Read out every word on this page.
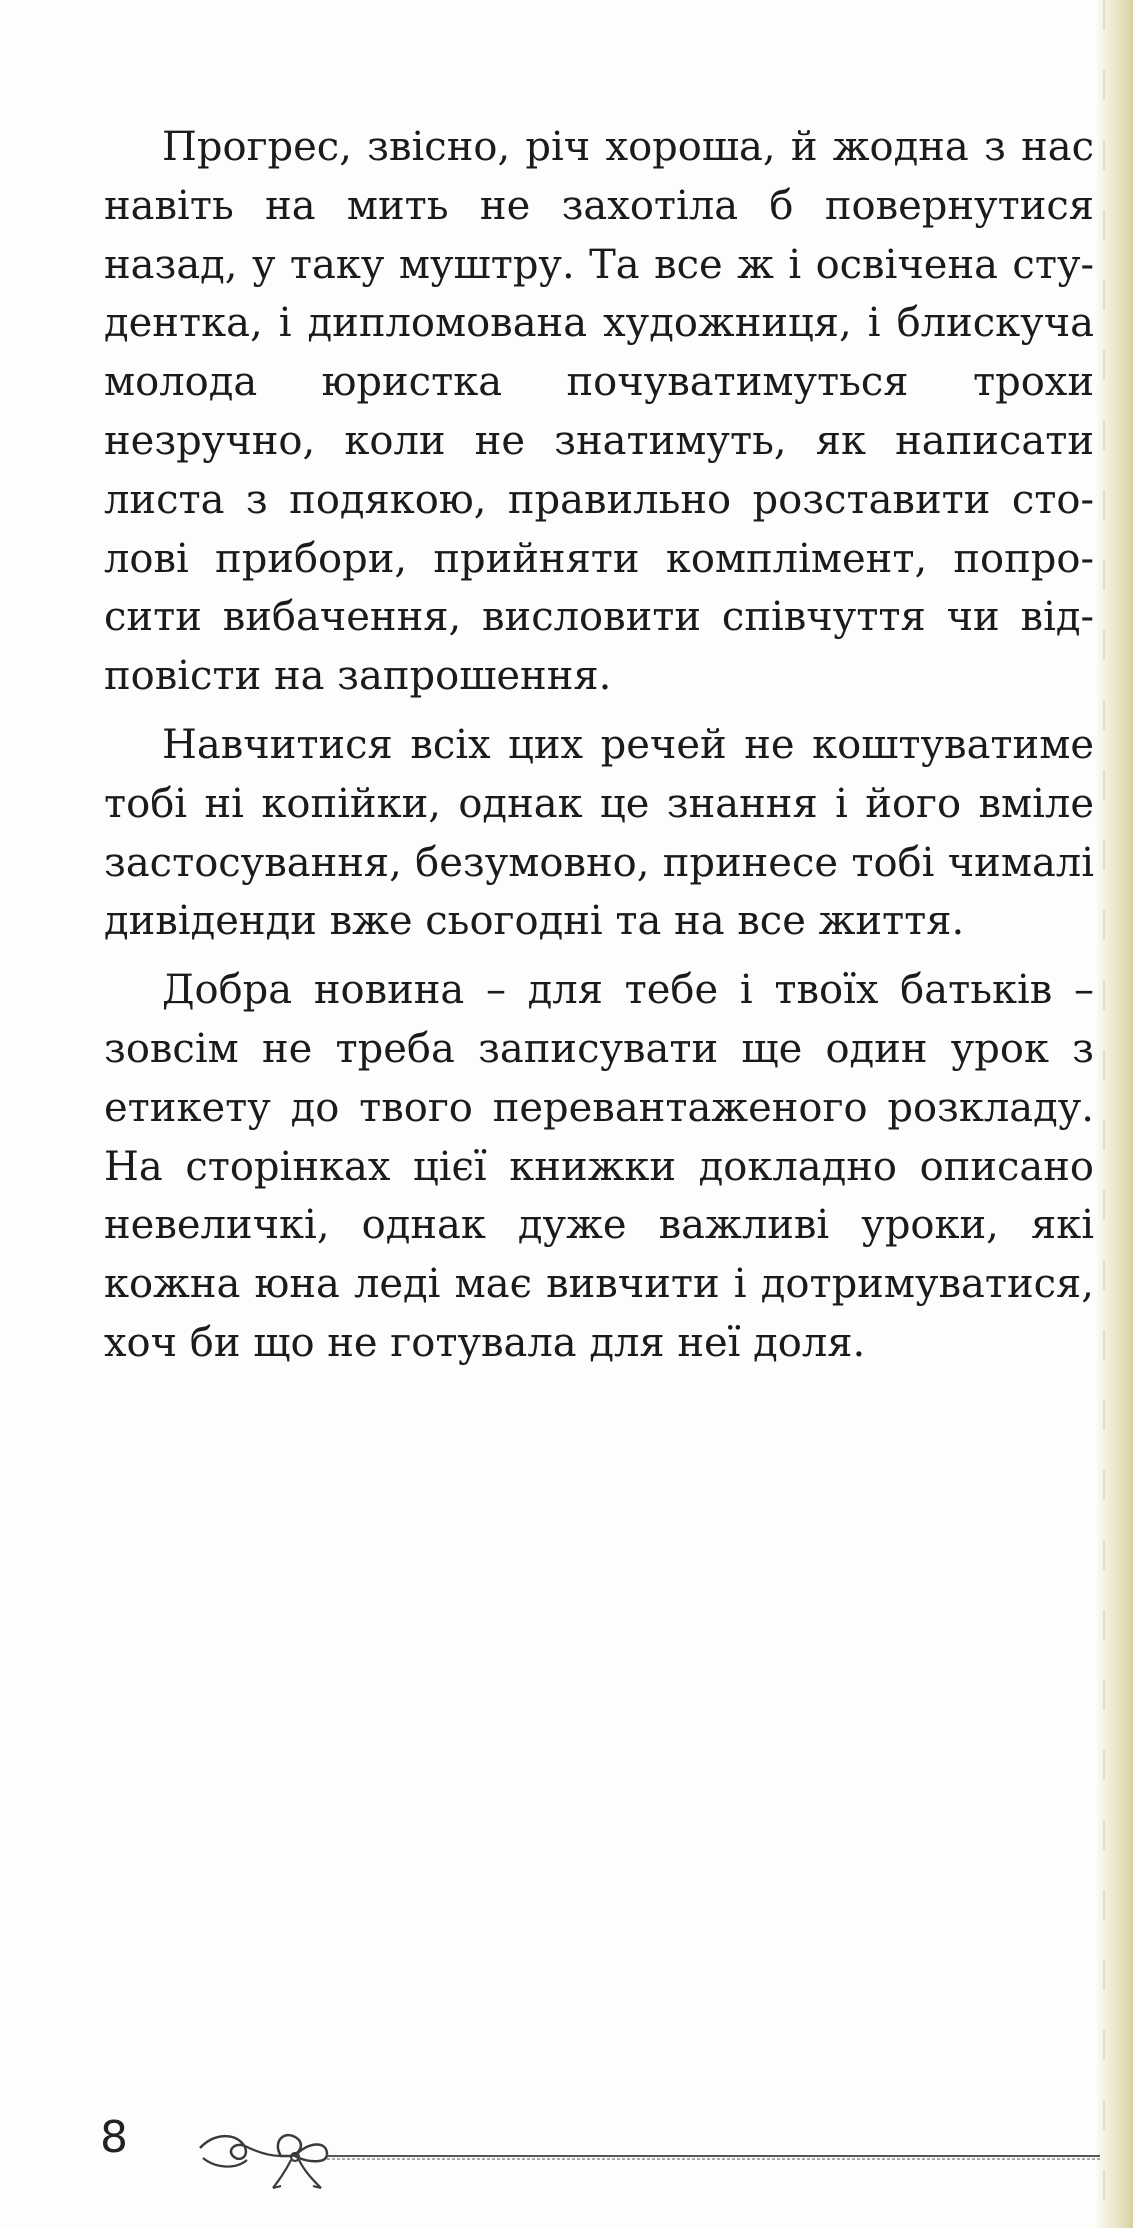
Прогрес, звісно, річ хороша, й жодна з нас навіть на мить не захотіла б повернутися назад, у таку муштру. Та все ж і освічена студентка, і дипломована художниця, і блискуча молода юристка почуватимуться трохи незручно, коли не знатимуть, як написати листа з подякою, правильно розставити столові прибори, прийняти комплімент, попросити вибачення, висловити співчуття чи відповісти на запрошення.

Навчитися всіх цих речей не коштуватиме тобі ні копійки, однак це знання і його вміле застосування, безумовно, принесе тобі чималі дивіденди вже сьогодні та на все життя.

Добра новина – для тебе і твоїх батьків – зовсім не треба записувати ще один урок з етикету до твого перевантаженого розкладу. На сторінках цієї книжки докладно описано невеличкі, однак дуже важливі уроки, які кожна юна леді має вивчити і дотримуватися, хоч би що не готувала для неї доля.

8
